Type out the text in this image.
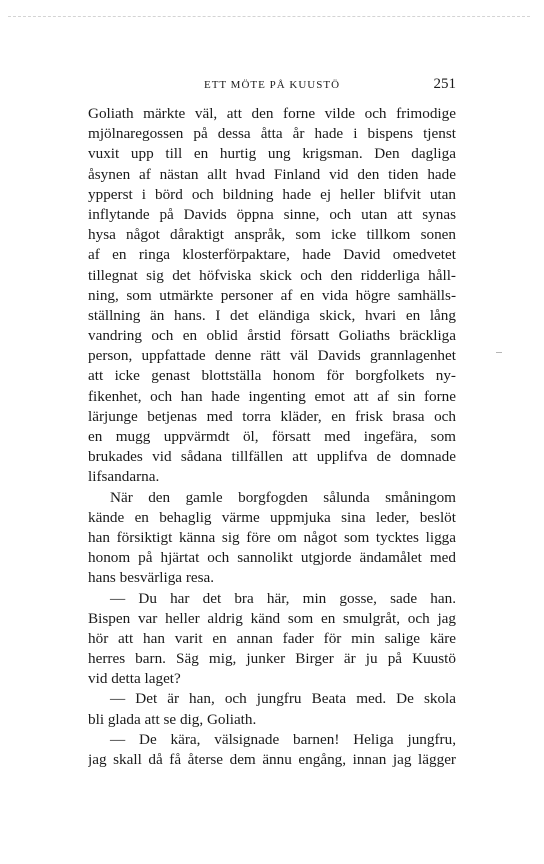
ETT MÖTE PÅ KUUSTÖ	251
Goliath märkte väl, att den forne vilde och frimodige
mjölnaregossen på dessa åtta år hade i bispens tjenst
vuxit upp till en hurtig ung krigsman. Den dagliga
åsynen af nästan allt hvad Finland vid den tiden hade
ypperst i börd och bildning hade ej heller blifvit utan
inflytande på Davids öppna sinne, och utan att synas
hysa något dåraktigt anspråk, som icke tillkom sonen
af en ringa klosterförpaktare, hade David omedvetet
tillegnat sig det höfviska skick och den ridderliga håll-
ning, som utmärkte personer af en vida högre samhälls-
ställning än hans. I det eländiga skick, hvari en lång
vandring och en oblid årstid försatt Goliaths bräckliga
person, uppfattade denne rätt väl Davids grannlagenhet
att icke genast blottställa honom för borgfolkets ny-
fikenhet, och han hade ingenting emot att af sin forne
lärjunge betjenas med torra kläder, en frisk brasa och
en mugg uppvärmdt öl, försatt med ingefära, som
brukades vid sådana tillfällen att upplifva de domnade
lifsandarna.
När den gamle borgfogden sålunda småningom
kände en behaglig värme uppmjuka sina leder, beslöt
han försiktigt känna sig före om något som tycktes ligga
honom på hjärtat och sannolikt utgjorde ändamålet med
hans besvärliga resa.
— Du har det bra här, min gosse, sade han.
Bispen var heller aldrig känd som en smulgråt, och jag
hör att han varit en annan fader för min salige käre
herres barn. Säg mig, junker Birger är ju på Kuustö
vid detta laget?
— Det är han, och jungfru Beata med. De skola
bli glada att se dig, Goliath.
— De kära, välsignade barnen! Heliga jungfru,
jag skall då få återse dem ännu engång, innan jag lägger
